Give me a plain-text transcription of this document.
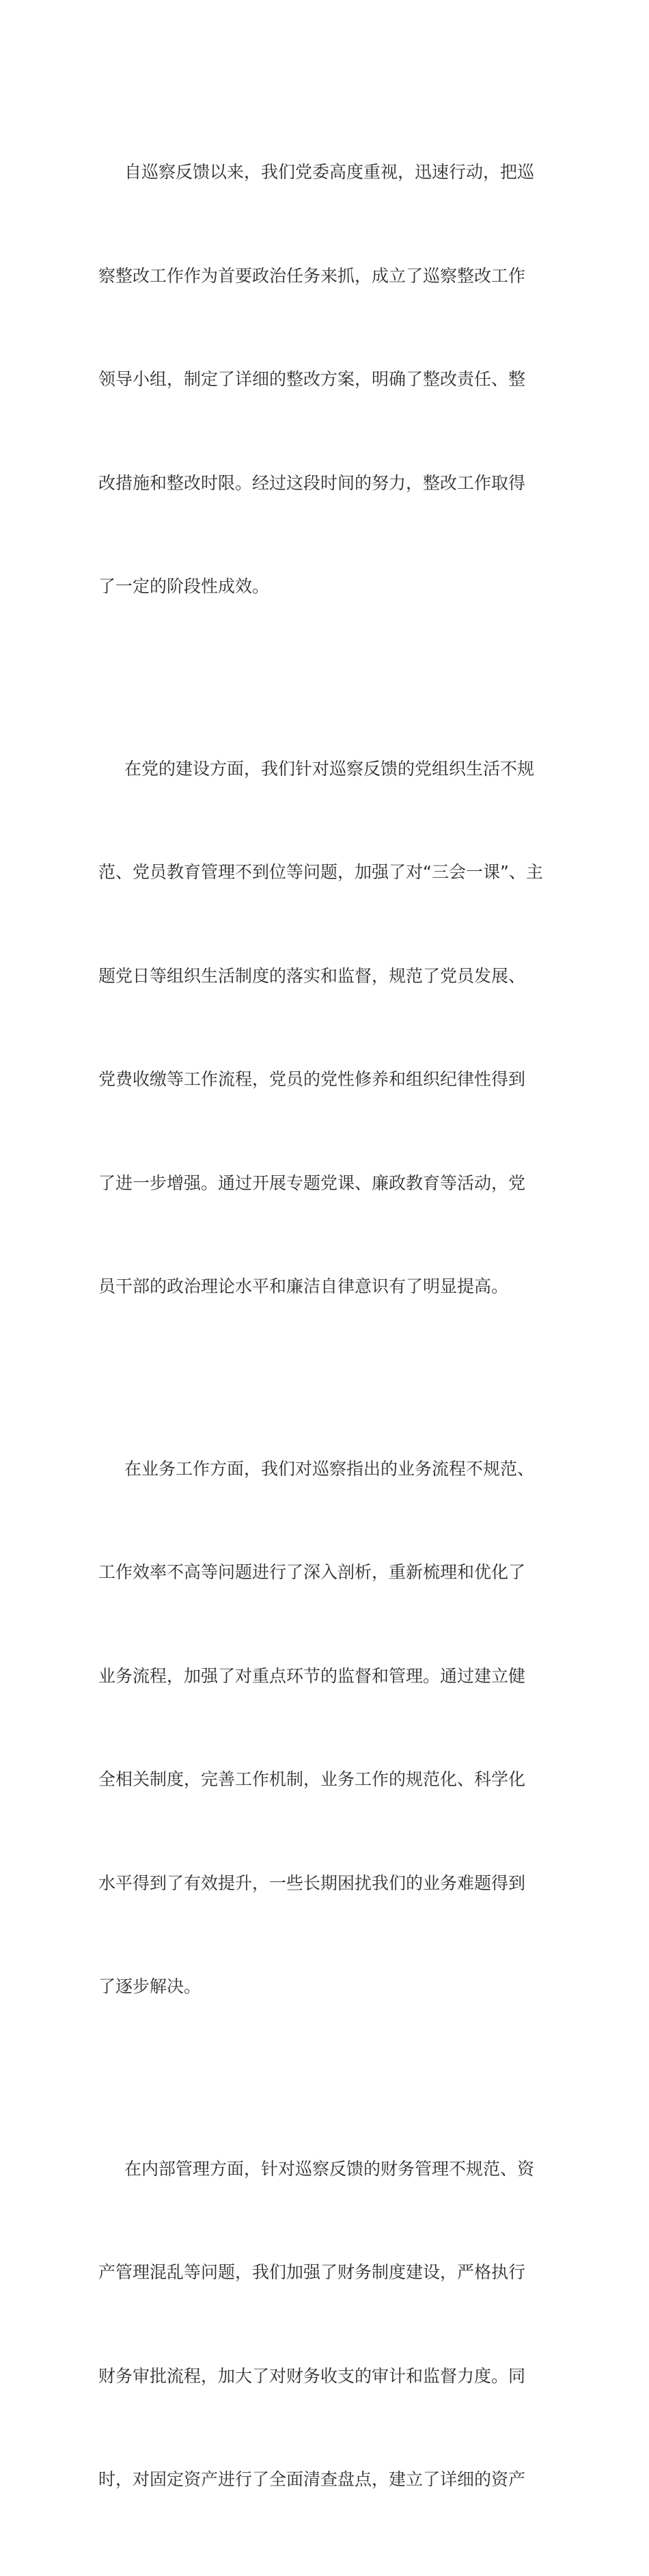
自巡察反馈以来，我们党委高度重视，迅速行动，把巡

察整改工作作为首要政治任务来抓，成立了巡察整改工作

领导小组，制定了详细的整改方案，明确了整改责任、整

改措施和整改时限。经过这段时间的努力，整改工作取得

了一定的阶段性成效。

在党的建设方面，我们针对巡察反馈的党组织生活不规

范、党员教育管理不到位等问题，加强了对“三会一课”、主

题党日等组织生活制度的落实和监督，规范了党员发展、

党费收缴等工作流程，党员的党性修养和组织纪律性得到

了进一步增强。通过开展专题党课、廉政教育等活动，党

员干部的政治理论水平和廉洁自律意识有了明显提高。

在业务工作方面，我们对巡察指出的业务流程不规范、

工作效率不高等问题进行了深入剖析，重新梳理和优化了

业务流程，加强了对重点环节的监督和管理。通过建立健

全相关制度，完善工作机制，业务工作的规范化、科学化

水平得到了有效提升，一些长期困扰我们的业务难题得到

了逐步解决。

在内部管理方面，针对巡察反馈的财务管理不规范、资

产管理混乱等问题，我们加强了财务制度建设，严格执行

财务审批流程，加大了对财务收支的审计和监督力度。同

时，对固定资产进行了全面清查盘点，建立了详细的资产
